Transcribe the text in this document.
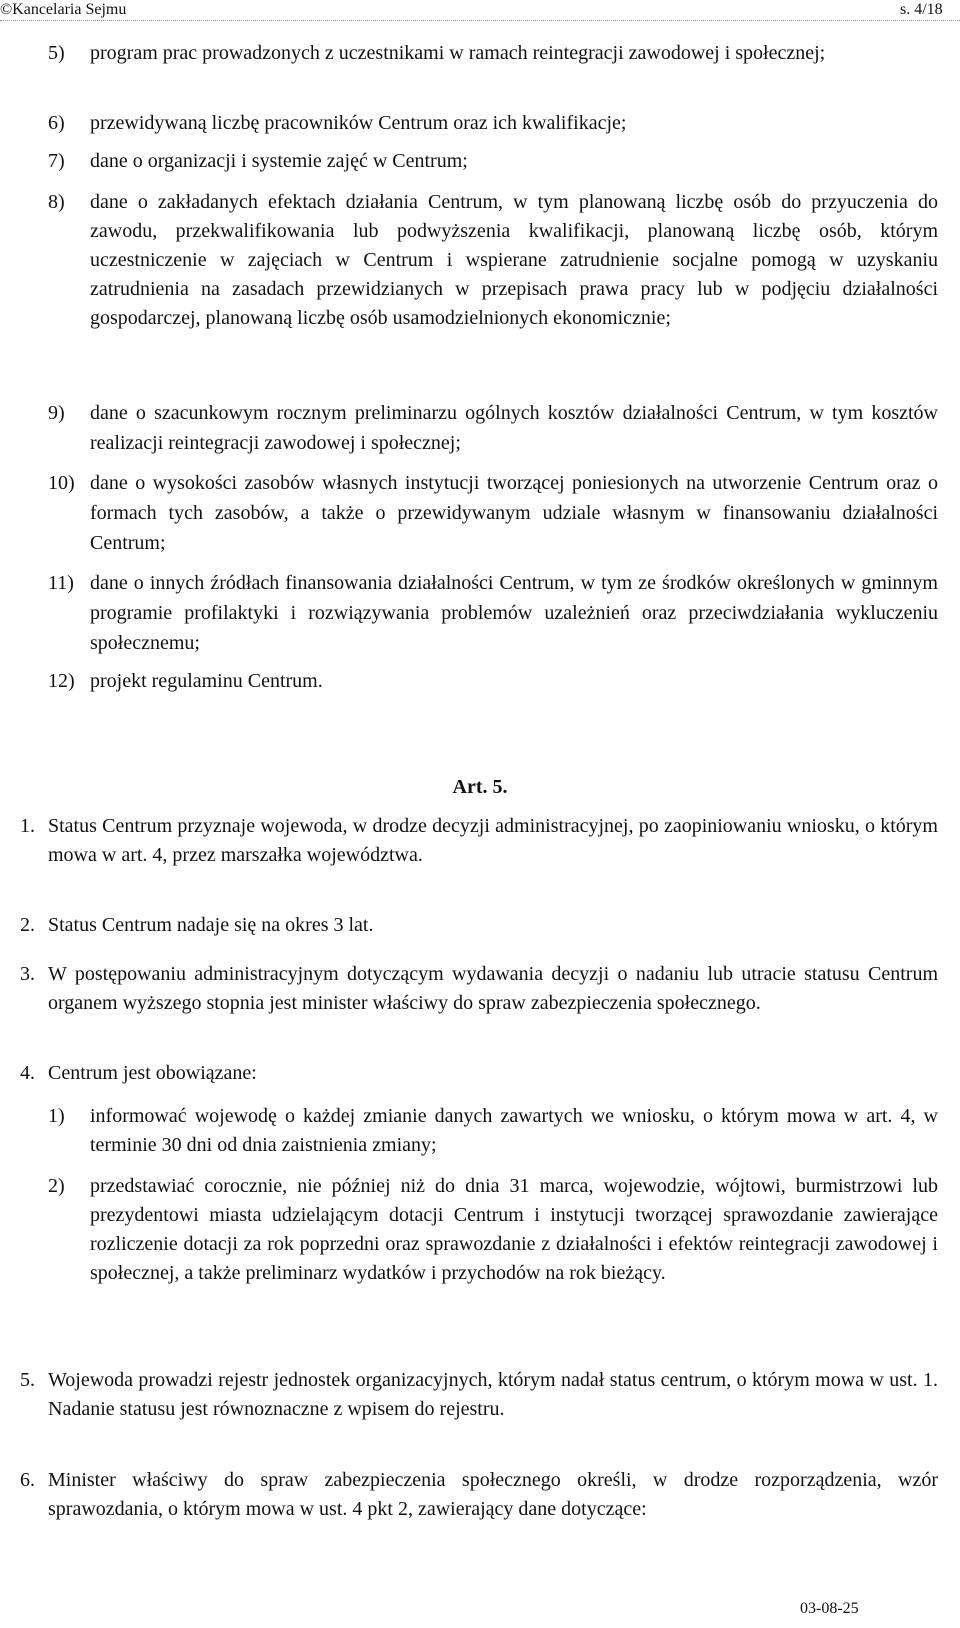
©Kancelaria Sejmu	s. 4/18
5) program prac prowadzonych z uczestnikami w ramach reintegracji zawodowej i społecznej;
6) przewidywaną liczbę pracowników Centrum oraz ich kwalifikacje;
7) dane o organizacji i systemie zajęć w Centrum;
8) dane o zakładanych efektach działania Centrum, w tym planowaną liczbę osób do przyuczenia do zawodu, przekwalifikowania lub podwyższenia kwalifikacji, planowaną liczbę osób, którym uczestniczenie w zajęciach w Centrum i wspierane zatrudnienie socjalne pomogą w uzyskaniu zatrudnienia na zasadach przewidzianych w przepisach prawa pracy lub w podjęciu działalności gospodarczej, planowaną liczbę osób usamodzielnionych ekonomicznie;
9) dane o szacunkowym rocznym preliminarzu ogólnych kosztów działalności Centrum, w tym kosztów realizacji reintegracji zawodowej i społecznej;
10) dane o wysokości zasobów własnych instytucji tworzącej poniesionych na utworzenie Centrum oraz o formach tych zasobów, a także o przewidywanym udziale własnym w finansowaniu działalności Centrum;
11) dane o innych źródłach finansowania działalności Centrum, w tym ze środków określonych w gminnym programie profilaktyki i rozwiązywania problemów uzależnień oraz przeciwdziałania wykluczeniu społecznemu;
12) projekt regulaminu Centrum.
Art. 5.
1. Status Centrum przyznaje wojewoda, w drodze decyzji administracyjnej, po zaopiniowaniu wniosku, o którym mowa w art. 4, przez marszałka województwa.
2. Status Centrum nadaje się na okres 3 lat.
3. W postępowaniu administracyjnym dotyczącym wydawania decyzji o nadaniu lub utracie statusu Centrum organem wyższego stopnia jest minister właściwy do spraw zabezpieczenia społecznego.
4. Centrum jest obowiązane:
1) informować wojewodę o każdej zmianie danych zawartych we wniosku, o którym mowa w art. 4, w terminie 30 dni od dnia zaistnienia zmiany;
2) przedstawiać corocznie, nie później niż do dnia 31 marca, wojewodzie, wójtowi, burmistrzowi lub prezydentowi miasta udzielającym dotacji Centrum i instytucji tworzącej sprawozdanie zawierające rozliczenie dotacji za rok poprzedni oraz sprawozdanie z działalności i efektów reintegracji zawodowej i społecznej, a także preliminarz wydatków i przychodów na rok bieżący.
5. Wojewoda prowadzi rejestr jednostek organizacyjnych, którym nadał status centrum, o którym mowa w ust. 1. Nadanie statusu jest równoznaczne z wpisem do rejestru.
6. Minister właściwy do spraw zabezpieczenia społecznego określi, w drodze rozporządzenia, wzór sprawozdania, o którym mowa w ust. 4 pkt 2, zawierający dane dotyczące:
03-08-25
